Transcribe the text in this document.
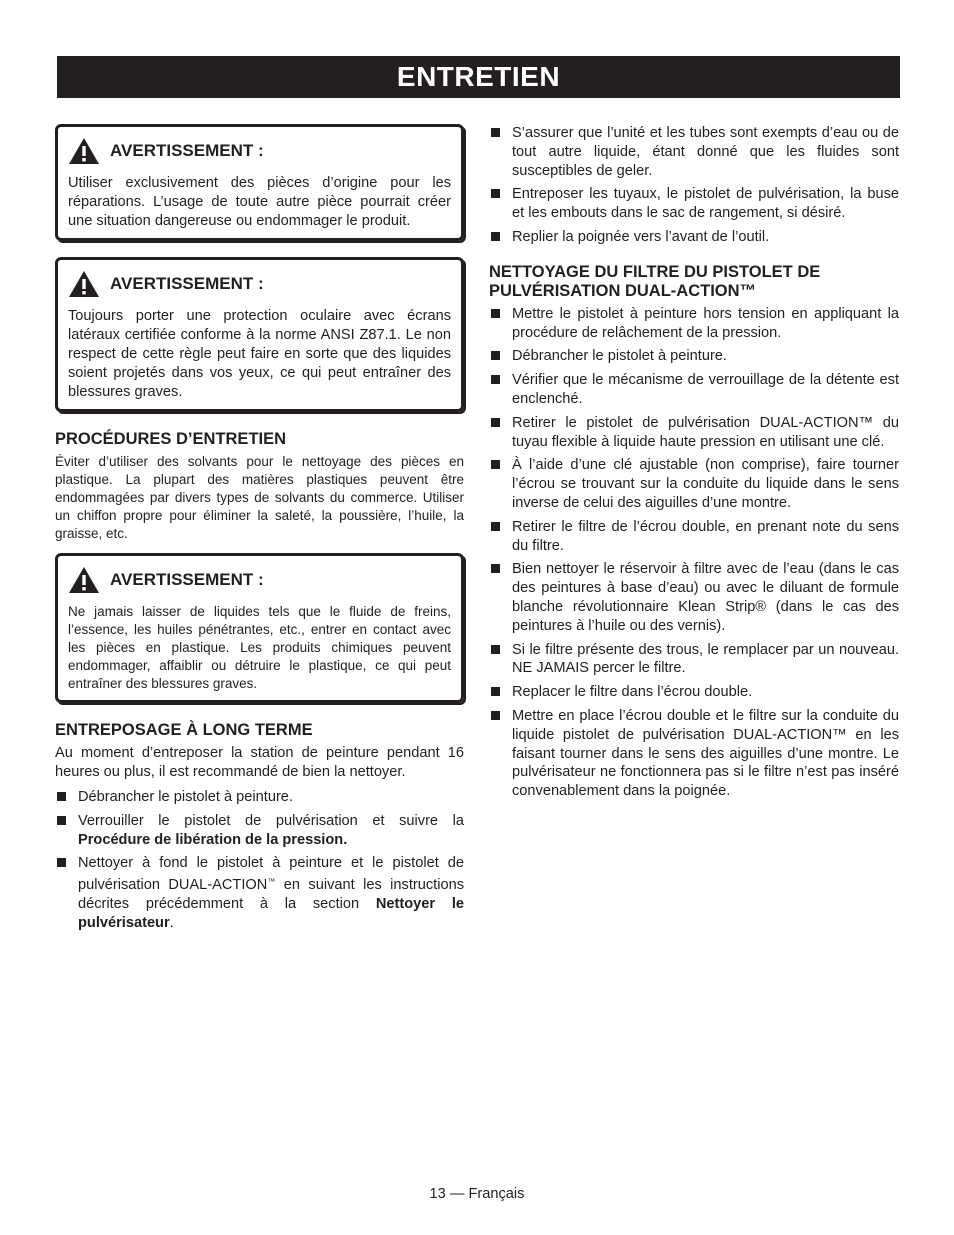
ENTRETIEN
AVERTISSEMENT :
Utiliser exclusivement des pièces d’origine pour les réparations. L’usage de toute autre pièce pourrait créer une situation dangereuse ou endommager le produit.
AVERTISSEMENT :
Toujours porter une protection oculaire avec écrans latéraux certifiée conforme à la norme ANSI Z87.1. Le non respect de cette règle peut faire en sorte que des liquides soient projetés dans vos yeux, ce qui peut entraîner des blessures graves.
PROCÉDURES D’ENTRETIEN

Éviter d’utiliser des solvants pour le nettoyage des pièces en plastique. La plupart des matières plastiques peuvent être endommagées par divers types de solvants du commerce. Utiliser un chiffon propre pour éliminer la saleté, la poussière, l’huile, la graisse, etc.

AVERTISSEMENT :
Ne jamais laisser de liquides tels que le fluide de freins, l’essence, les huiles pénétrantes, etc., entrer en contact avec les pièces en plastique. Les produits chimiques peuvent endommager, affaiblir ou détruire le plastique, ce qui peut entraîner des blessures graves.
ENTREPOSAGE À LONG TERME

Au moment d’entreposer la station de peinture pendant 16 heures ou plus, il est recommandé de bien la nettoyer.

Débrancher le pistolet à peinture.
Verrouiller le pistolet de pulvérisation et suivre la Procédure de libération de la pression.
Nettoyer à fond le pistolet à peinture et le pistolet de pulvérisation DUAL-ACTION™ en suivant les instructions décrites précédemment à la section Nettoyer le pulvérisateur.
S’assurer que l’unité et les tubes sont exempts d’eau ou de tout autre liquide, étant donné que les fluides sont susceptibles de geler.
Entreposer les tuyaux, le pistolet de pulvérisation, la buse et les embouts dans le sac de rangement, si désiré.
Replier la poignée vers l’avant de l’outil.
NETTOYAGE DU FILTRE DU PISTOLET DE PULVÉRISATION DUAL-ACTION™
Mettre le pistolet à peinture hors tension en appliquant la procédure de relâchement de la pression.
Débrancher le pistolet à peinture.
Vérifier que le mécanisme de verrouillage de la détente est enclenché.
Retirer le pistolet de pulvérisation DUAL-ACTION™ du tuyau flexible à liquide haute pression en utilisant une clé.
À l’aide d’une clé ajustable (non comprise), faire tourner l’écrou se trouvant sur la conduite du liquide dans le sens inverse de celui des aiguilles d’une montre.
Retirer le filtre de l’écrou double, en prenant note du sens du filtre.
Bien nettoyer le réservoir à filtre avec de l’eau (dans le cas des peintures à base d’eau) ou avec le diluant de formule blanche révolutionnaire Klean Strip® (dans le cas des peintures à l’huile ou des vernis).
Si le filtre présente des trous, le remplacer par un nouveau. NE JAMAIS percer le filtre.
Replacer le filtre dans l’écrou double.
Mettre en place l’écrou double et le filtre sur la conduite du liquide pistolet de pulvérisation DUAL-ACTION™ en les faisant tourner dans le sens des aiguilles d’une montre. Le pulvérisateur ne fonctionnera pas si le filtre n’est pas inséré convenablement dans la poignée.
13 — Français
